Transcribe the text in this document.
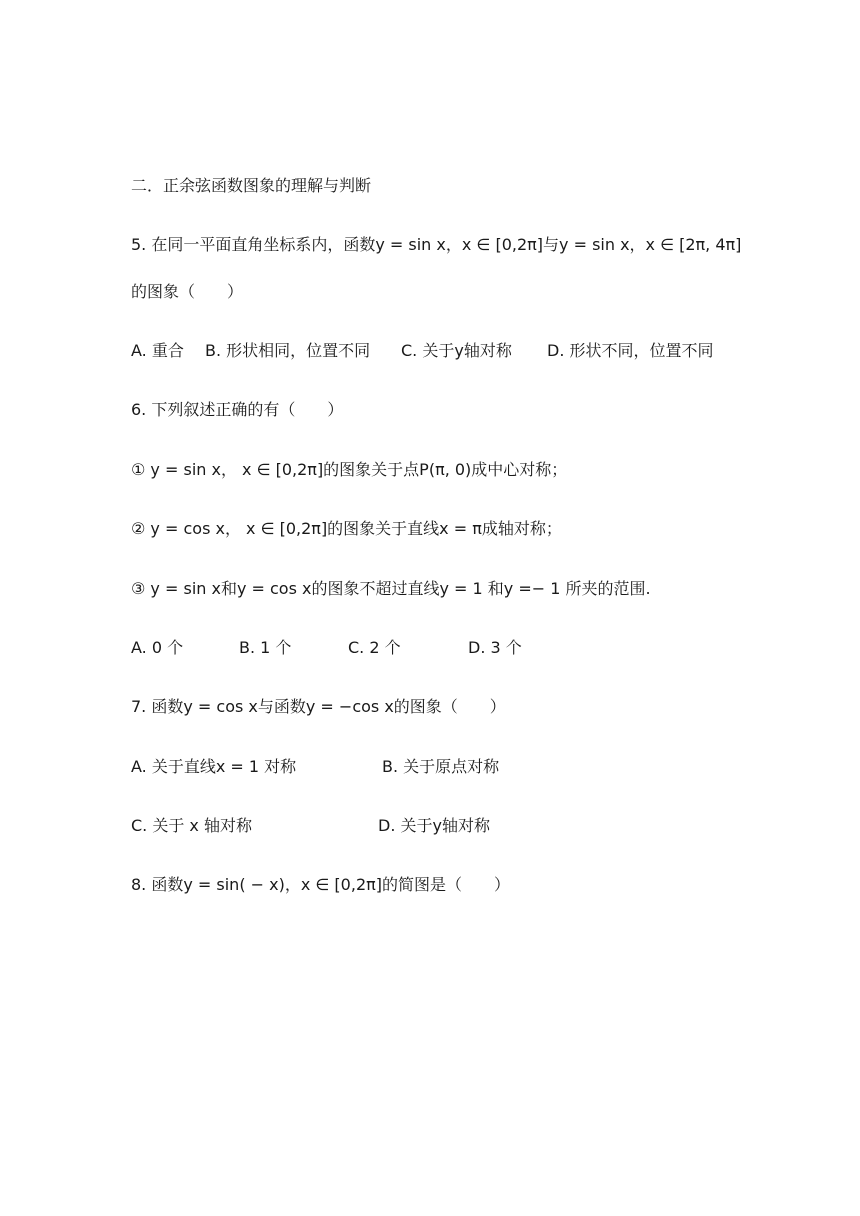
二．正余弦函数图象的理解与判断
5. 在同一平面直角坐标系内，函数y = sin x，x ∈ [0,2π]与y = sin x，x ∈ [2π, 4π]
的图象（　　）
A. 重合 B. 形状相同，位置不同 C. 关于y轴对称 D. 形状不同，位置不同
6. 下列叙述正确的有（　　）
① y = sin x， x ∈ [0,2π]的图象关于点P(π, 0)成中心对称；
② y = cos x， x ∈ [0,2π]的图象关于直线x = π成轴对称；
③ y = sin x和y = cos x的图象不超过直线y = 1 和y =− 1 所夹的范围.
A. 0 个	B. 1 个	C. 2 个	D. 3 个
7. 函数y = cos x与函数y = −cos x的图象（　　）
A. 关于直线x = 1 对称	B. 关于原点对称
C. 关于 x 轴对称	D. 关于y轴对称
8. 函数y = sin( − x)，x ∈ [0,2π]的简图是（　　）
